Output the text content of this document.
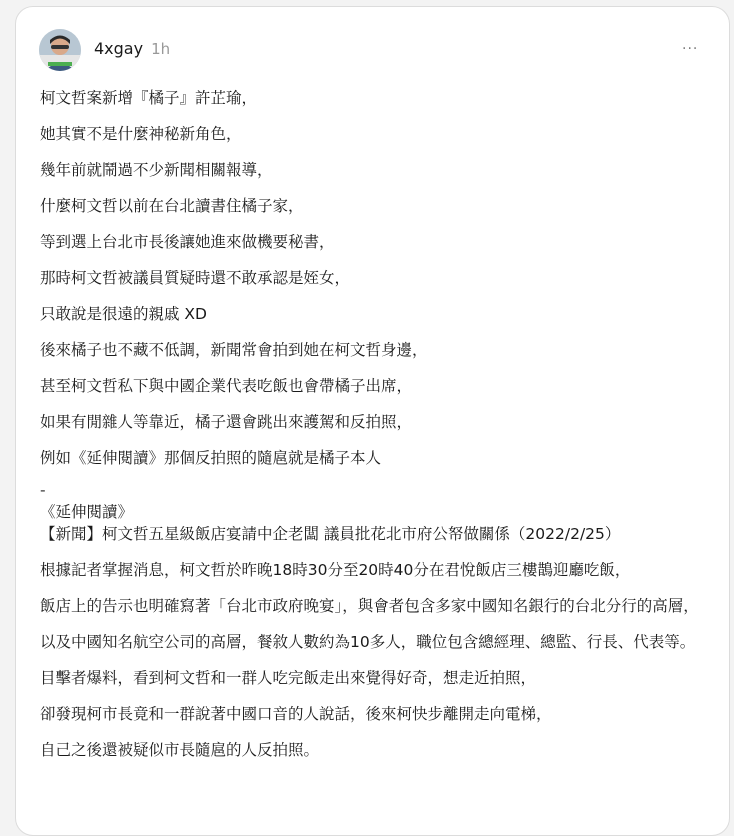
4xgay 1h	···

柯文哲案新增『橘子』許芷瑜，

她其實不是什麼神秘新角色，

幾年前就鬧過不少新聞相關報導，

什麼柯文哲以前在台北讀書住橘子家，

等到選上台北市長後讓她進來做機要秘書，

那時柯文哲被議員質疑時還不敢承認是姪女，

只敢說是很遠的親戚 XD

後來橘子也不藏不低調，新聞常會拍到她在柯文哲身邊，

甚至柯文哲私下與中國企業代表吃飯也會帶橘子出席，

如果有閒雜人等靠近，橘子還會跳出來護駕和反拍照，

例如《延伸閱讀》那個反拍照的隨扈就是橘子本人

-

《延伸閱讀》

【新聞】柯文哲五星級飯店宴請中企老闆 議員批花北市府公帑做關係（2022/2/25）

根據記者掌握消息，柯文哲於昨晚18時30分至20時40分在君悅飯店三樓鵲迎廳吃飯，

飯店上的告示也明確寫著「台北市政府晚宴」，與會者包含多家中國知名銀行的台北分行的高層，

以及中國知名航空公司的高層，餐敘人數約為10多人，職位包含總經理、總監、行長、代表等。

目擊者爆料，看到柯文哲和一群人吃完飯走出來覺得好奇，想走近拍照，

卻發現柯市長竟和一群說著中國口音的人說話，後來柯快步離開走向電梯，

自己之後還被疑似市長隨扈的人反拍照。
